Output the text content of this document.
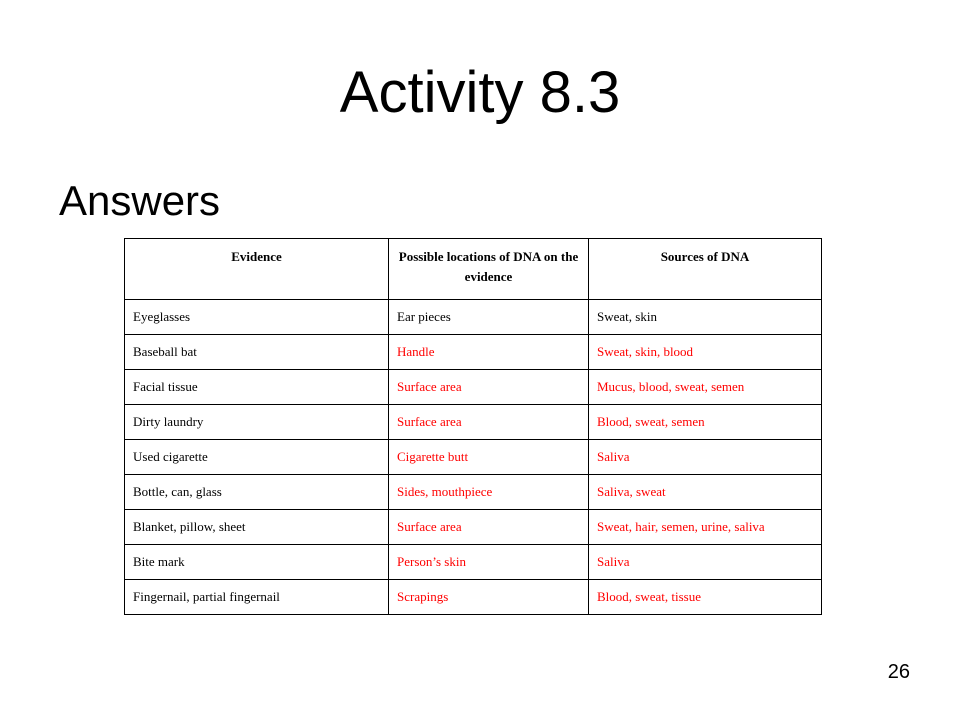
Activity 8.3
Answers
Evidence	Possible locations of DNA on the evidence	Sources of DNA
Eyeglasses	Ear pieces	Sweat, skin
Baseball bat	Handle	Sweat, skin, blood
Facial tissue	Surface area	Mucus, blood, sweat, semen
Dirty laundry	Surface area	Blood, sweat, semen
Used cigarette	Cigarette butt	Saliva
Bottle, can, glass	Sides, mouthpiece	Saliva, sweat
Blanket, pillow, sheet	Surface area	Sweat, hair, semen, urine, saliva
Bite mark	Person’s skin	Saliva
Fingernail, partial fingernail	Scrapings	Blood, sweat, tissue
26
